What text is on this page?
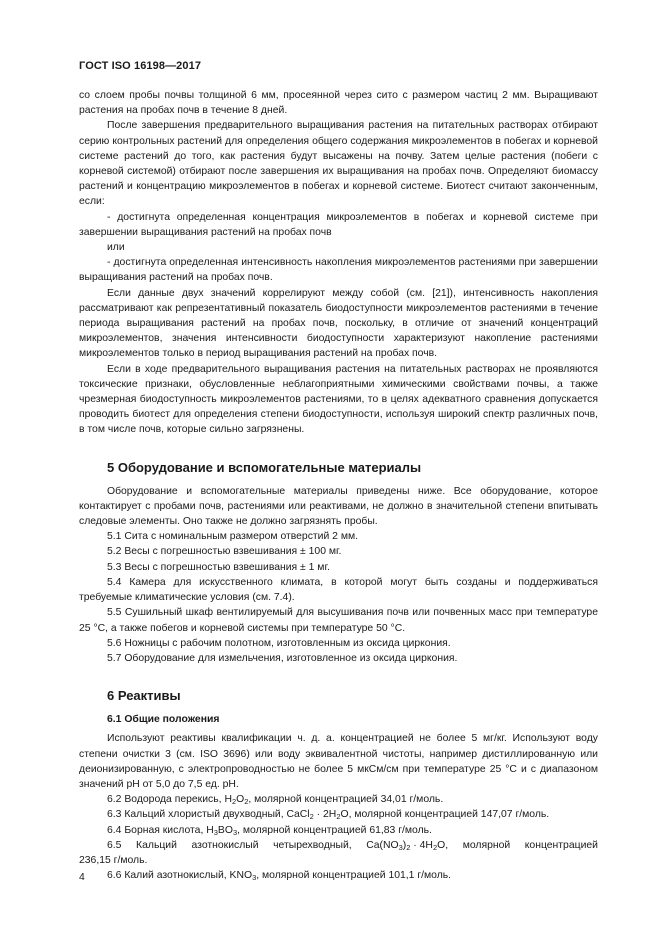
ГОСТ ISO 16198—2017

со слоем пробы почвы толщиной 6 мм, просеянной через сито с размером частиц 2 мм. Выращивают растения на пробах почв в течение 8 дней.

После завершения предварительного выращивания растения на питательных растворах отбирают серию контрольных растений для определения общего содержания микроэлементов в побегах и корневой системе растений до того, как растения будут высажены на почву. Затем целые растения (побеги с корневой системой) отбирают после завершения их выращивания на пробах почв. Определяют биомассу растений и концентрацию микроэлементов в побегах и корневой системе. Биотест считают законченным, если:

- достигнута определенная концентрация микроэлементов в побегах и корневой системе при завершении выращивания растений на пробах почв

или

- достигнута определенная интенсивность накопления микроэлементов растениями при завершении выращивания растений на пробах почв.

Если данные двух значений коррелируют между собой (см. [21]), интенсивность накопления рассматривают как репрезентативный показатель биодоступности микроэлементов растениями в течение периода выращивания растений на пробах почв, поскольку, в отличие от значений концентраций микроэлементов, значения интенсивности биодоступности характеризуют накопление растениями микроэлементов только в период выращивания растений на пробах почв.

Если в ходе предварительного выращивания растения на питательных растворах не проявляются токсические признаки, обусловленные неблагоприятными химическими свойствами почвы, а также чрезмерная биодоступность микроэлементов растениями, то в целях адекватного сравнения допускается проводить биотест для определения степени биодоступности, используя широкий спектр различных почв, в том числе почв, которые сильно загрязнены.

5 Оборудование и вспомогательные материалы

Оборудование и вспомогательные материалы приведены ниже. Все оборудование, которое контактирует с пробами почв, растениями или реактивами, не должно в значительной степени впитывать следовые элементы. Оно также не должно загрязнять пробы.

5.1 Сита с номинальным размером отверстий 2 мм.

5.2 Весы с погрешностью взвешивания ± 100 мг.

5.3 Весы с погрешностью взвешивания ± 1 мг.

5.4 Камера для искусственного климата, в которой могут быть созданы и поддерживаться требуемые климатические условия (см. 7.4).

5.5 Сушильный шкаф вентилируемый для высушивания почв или почвенных масс при температуре 25 °С, а также побегов и корневой системы при температуре 50 °С.

5.6 Ножницы с рабочим полотном, изготовленным из оксида циркония.

5.7 Оборудование для измельчения, изготовленное из оксида циркония.

6 Реактивы
6.1 Общие положения

Используют реактивы квалификации ч. д. а. концентрацией не более 5 мг/кг. Используют воду степени очистки 3 (см. ISO 3696) или воду эквивалентной чистоты, например дистиллированную или деионизированную, с электропроводностью не более 5 мкСм/см при температуре 25 °С и с диапазоном значений рН от 5,0 до 7,5 ед. рН.

6.2 Водорода перекись, $H_2O_2$, молярной концентрацией 34,01 г/моль.

6.3 Кальций хлористый двухводный, CaCl$_2$ · $2H_2O$, молярной концентрацией 147,07 г/моль.

6.4 Борная кислота, $H_3BO_3$, молярной концентрацией 61,83 г/моль.

6.5 Кальций азотнокислый четырехводный, $Ca(NO_3)_2 \cdot 4H_2O$, молярной концентрацией

236,15 г/моль.

6.6 Калий азотнокислый, $KNO_3$, молярной концентрацией 101,1 г/моль.

4
